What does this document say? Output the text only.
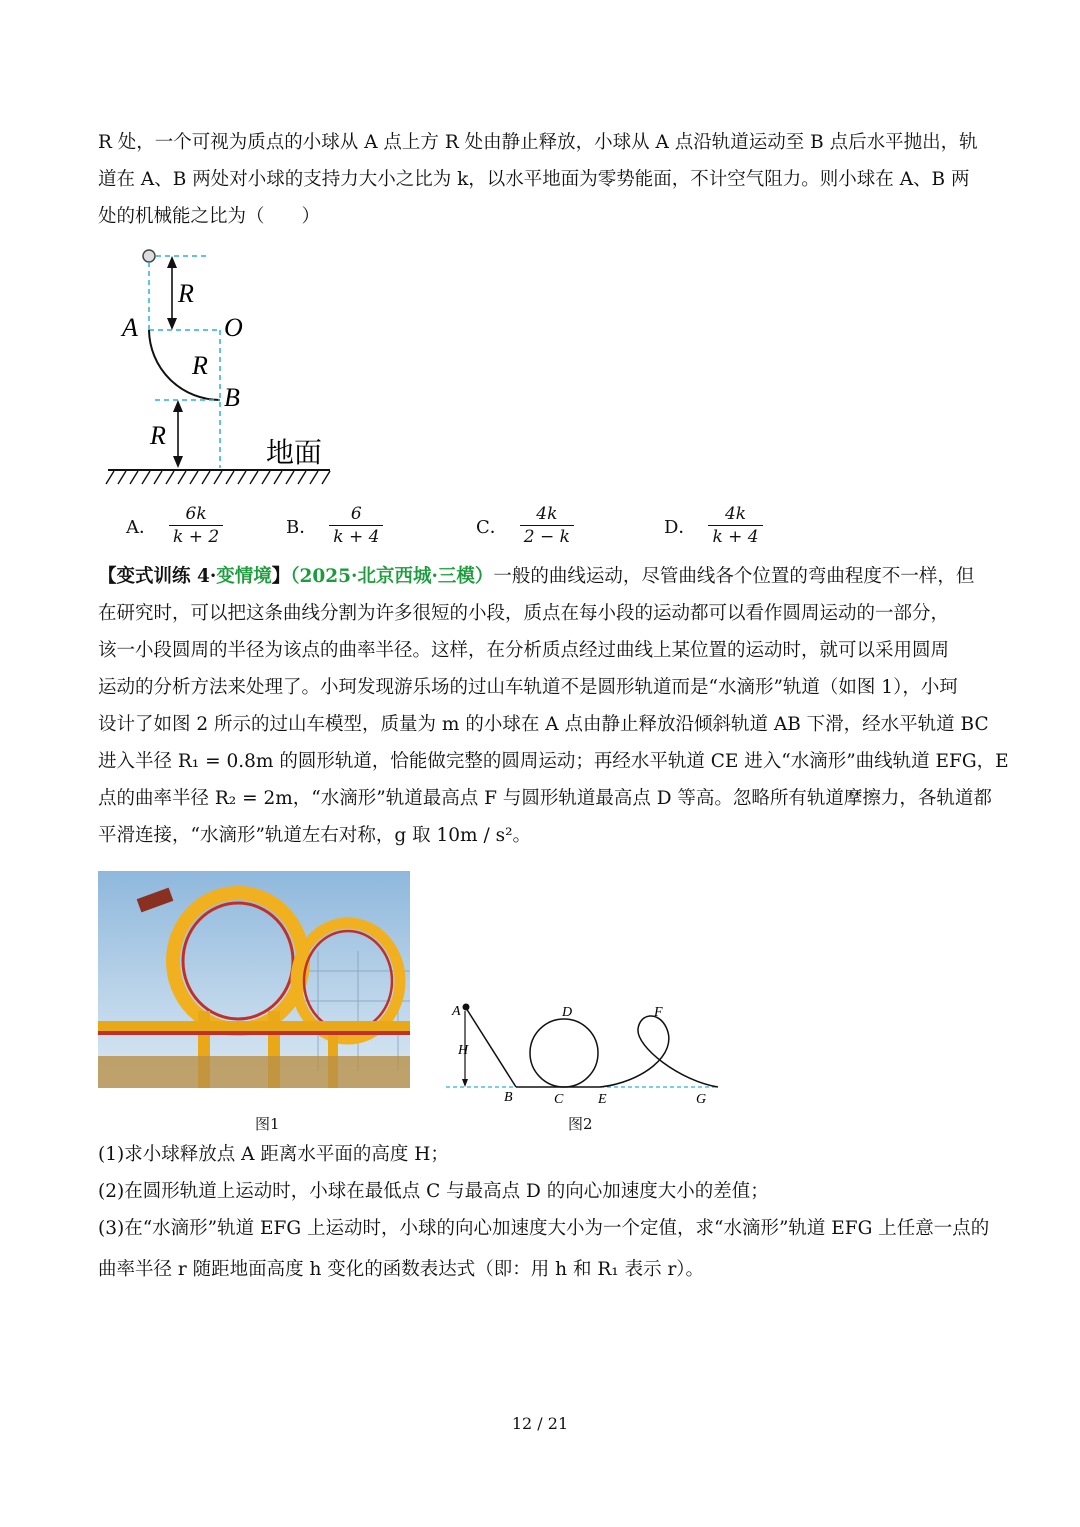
R 处，一个可视为质点的小球从 A 点上方 R 处由静止释放，小球从 A 点沿轨道运动至 B 点后水平抛出，轨
道在 A、B 两处对小球的支持力大小之比为 k，以水平地面为零势能面，不计空气阻力。则小球在 A、B 两
处的机械能之比为（　　）
R
A	O
R
B
R
地面
A． $\frac{6k}{k + 2}$	B． $\frac{6}{k + 4}$	C． $\frac{4k}{2 - k}$	D． $\frac{4k}{k + 4}$
【变式训练 4·变情境】（2025·北京西城·三模）一般的曲线运动，尽管曲线各个位置的弯曲程度不一样，但
在研究时，可以把这条曲线分割为许多很短的小段，质点在每小段的运动都可以看作圆周运动的一部分，
该一小段圆周的半径为该点的曲率半径。这样，在分析质点经过曲线上某位置的运动时，就可以采用圆周
运动的分析方法来处理了。小珂发现游乐场的过山车轨道不是圆形轨道而是“水滴形”轨道（如图 1），小珂
设计了如图 2 所示的过山车模型，质量为 m 的小球在 A 点由静止释放沿倾斜轨道 AB 下滑，经水平轨道 BC
进入半径 R₁ = 0.8m 的圆形轨道，恰能做完整的圆周运动；再经水平轨道 CE 进入“水滴形”曲线轨道 EFG，E
点的曲率半径 R₂ = 2m，“水滴形”轨道最高点 F 与圆形轨道最高点 D 等高。忽略所有轨道摩擦力，各轨道都
平滑连接，“水滴形”轨道左右对称，g 取 10m / s²。
A
H
B	C
D
E
F
G
图1	图2
(1)求小球释放点 A 距离水平面的高度 H；
(2)在圆形轨道上运动时，小球在最低点 C 与最高点 D 的向心加速度大小的差值；
(3)在“水滴形”轨道 EFG 上运动时，小球的向心加速度大小为一个定值，求“水滴形”轨道 EFG 上任意一点的
曲率半径 r 随距地面高度 h 变化的函数表达式（即：用 h 和 R₁ 表示 r）。
12 / 21
